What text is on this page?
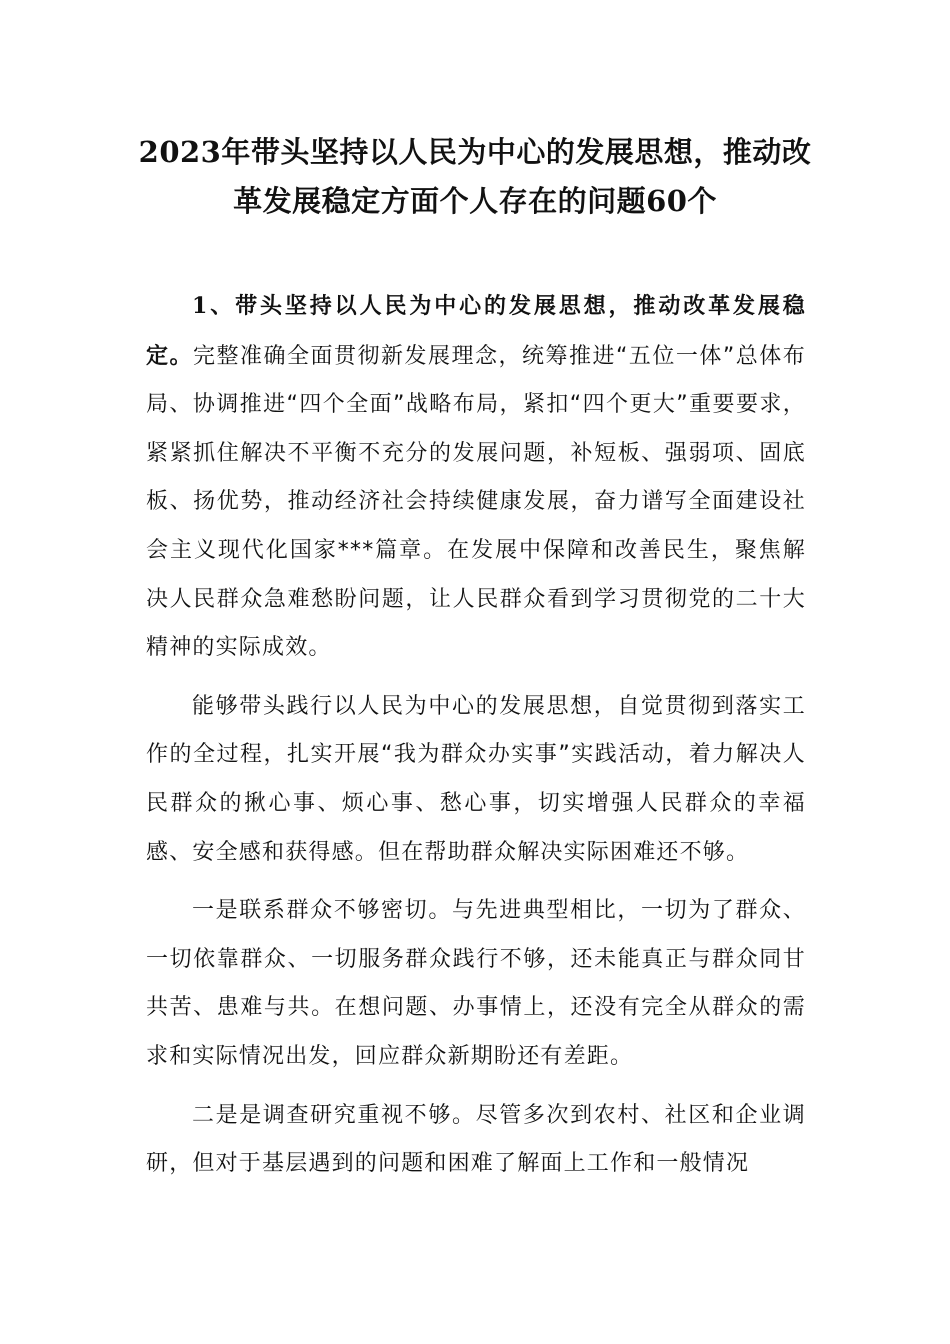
2023年带头坚持以人民为中心的发展思想，推动改
革发展稳定方面个人存在的问题60个

1、带头坚持以人民为中心的发展思想，推动改革发展稳定。完整准确全面贯彻新发展理念，统筹推进“五位一体”总体布局、协调推进“四个全面”战略布局，紧扣“四个更大”重要要求，紧紧抓住解决不平衡不充分的发展问题，补短板、强弱项、固底板、扬优势，推动经济社会持续健康发展，奋力谱写全面建设社会主义现代化国家***篇章。在发展中保障和改善民生，聚焦解决人民群众急难愁盼问题，让人民群众看到学习贯彻党的二十大精神的实际成效。

能够带头践行以人民为中心的发展思想，自觉贯彻到落实工作的全过程，扎实开展“我为群众办实事”实践活动，着力解决人民群众的揪心事、烦心事、愁心事，切实增强人民群众的幸福感、安全感和获得感。但在帮助群众解决实际困难还不够。

一是联系群众不够密切。与先进典型相比，一切为了群众、一切依靠群众、一切服务群众践行不够，还未能真正与群众同甘共苦、患难与共。在想问题、办事情上，还没有完全从群众的需求和实际情况出发，回应群众新期盼还有差距。

二是是调查研究重视不够。尽管多次到农村、社区和企业调研，但对于基层遇到的问题和困难了解面上工作和一般情况
